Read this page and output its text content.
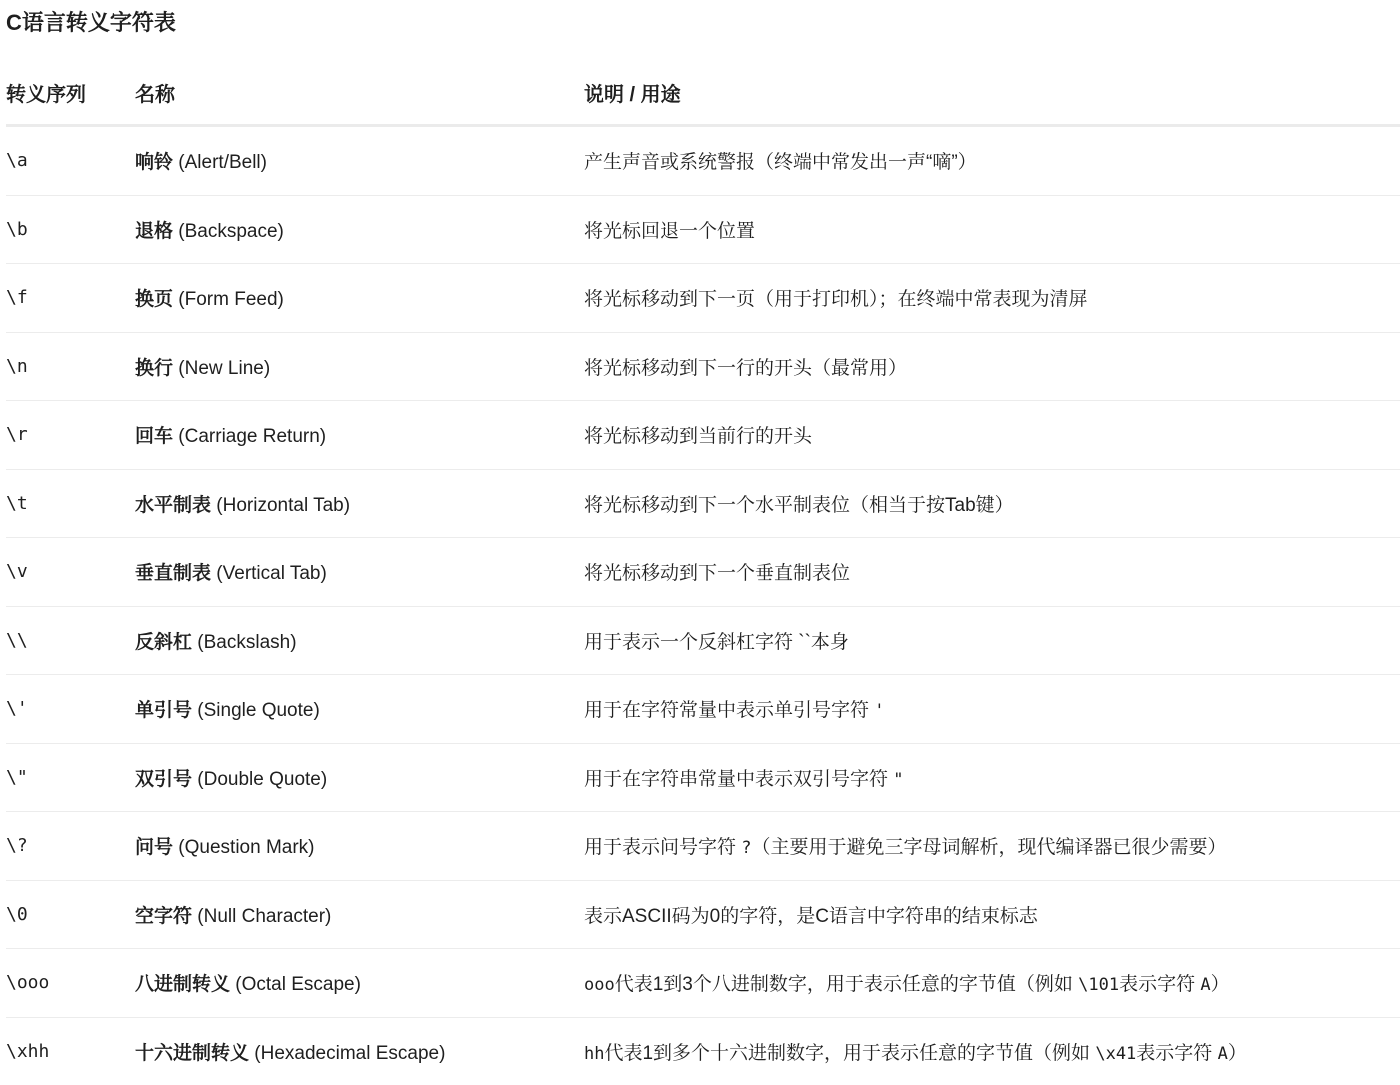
C语言转义字符表
转义序列	名称	说明 / 用途
\a	响铃 (Alert/Bell)	产生声音或系统警报（终端中常发出一声“嘀”）
\b	退格 (Backspace)	将光标回退一个位置
\f	换页 (Form Feed)	将光标移动到下一页（用于打印机）；在终端中常表现为清屏
\n	换行 (New Line)	将光标移动到下一行的开头（最常用）
\r	回车 (Carriage Return)	将光标移动到当前行的开头
\t	水平制表 (Horizontal Tab)	将光标移动到下一个水平制表位（相当于按Tab键）
\v	垂直制表 (Vertical Tab)	将光标移动到下一个垂直制表位
\\	反斜杠 (Backslash)	用于表示一个反斜杠字符 ``本身
\'	单引号 (Single Quote)	用于在字符常量中表示单引号字符 '
\"	双引号 (Double Quote)	用于在字符串常量中表示双引号字符 "
\?	问号 (Question Mark)	用于表示问号字符 ?（主要用于避免三字母词解析，现代编译器已很少需要）
\0	空字符 (Null Character)	表示ASCII码为0的字符，是C语言中字符串的结束标志
\ooo	八进制转义 (Octal Escape)	ooo代表1到3个八进制数字，用于表示任意的字节值（例如 \101表示字符 A）
\xhh	十六进制转义 (Hexadecimal Escape)	hh代表1到多个十六进制数字，用于表示任意的字节值（例如 \x41表示字符 A）
